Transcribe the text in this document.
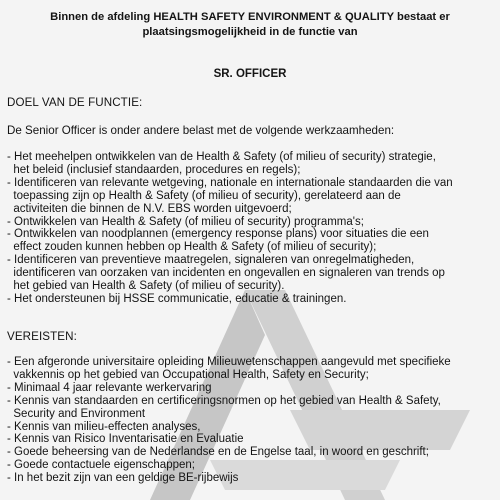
Binnen de afdeling HEALTH SAFETY ENVIRONMENT & QUALITY bestaat er
plaatsingsmogelijkheid in de functie van
SR. OFFICER
DOEL VAN DE FUNCTIE:
De Senior Officer is onder andere belast met de volgende werkzaamheden:
- Het meehelpen ontwikkelen van de Health & Safety (of milieu of security) strategie,
het beleid (inclusief standaarden, procedures en regels);
- Identificeren van relevante wetgeving, nationale en internationale standaarden die van
toepassing zijn op Health & Safety (of milieu of security), gerelateerd aan de
activiteiten die binnen de N.V. EBS worden uitgevoerd;
- Ontwikkelen van Health & Safety (of milieu of security) programma's;
- Ontwikkelen van noodplannen (emergency response plans) voor situaties die een
effect zouden kunnen hebben op Health & Safety (of milieu of security);
- Identificeren van preventieve maatregelen, signaleren van onregelmatigheden,
identificeren van oorzaken van incidenten en ongevallen en signaleren van trends op
het gebied van Health & Safety (of milieu of security).
- Het ondersteunen bij HSSE communicatie, educatie & trainingen.
VEREISTEN:
- Een afgeronde universitaire opleiding Milieuwetenschappen aangevuld met specifieke
vakkennis op het gebied van Occupational Health, Safety en Security;
- Minimaal 4 jaar relevante werkervaring
- Kennis van standaarden en certificeringsnormen op het gebied van Health & Safety,
Security and Environment
- Kennis van milieu-effecten analyses,
- Kennis van Risico Inventarisatie en Evaluatie
- Goede beheersing van de Nederlandse en de Engelse taal, in woord en geschrift;
- Goede contactuele eigenschappen;
- In het bezit zijn van een geldige BE-rijbewijs
